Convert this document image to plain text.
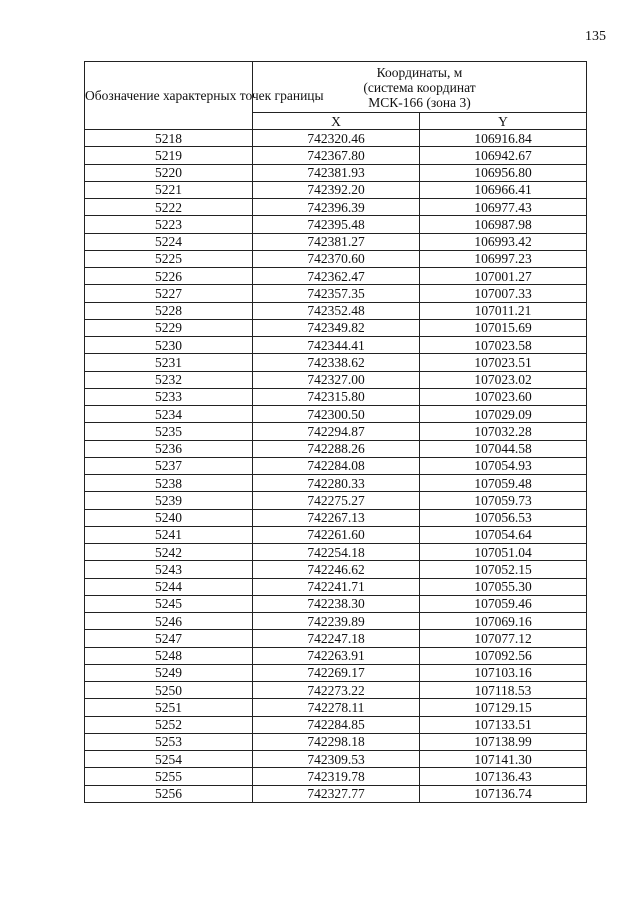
135
Обозначение характерных точек границы	Координаты, м
(система координат
МСК-166 (зона 3)	

	X	Y
5218	742320.46	106916.84
5219	742367.80	106942.67
5220	742381.93	106956.80
5221	742392.20	106966.41
5222	742396.39	106977.43
5223	742395.48	106987.98
5224	742381.27	106993.42
5225	742370.60	106997.23
5226	742362.47	107001.27
5227	742357.35	107007.33
5228	742352.48	107011.21
5229	742349.82	107015.69
5230	742344.41	107023.58
5231	742338.62	107023.51
5232	742327.00	107023.02
5233	742315.80	107023.60
5234	742300.50	107029.09
5235	742294.87	107032.28
5236	742288.26	107044.58
5237	742284.08	107054.93
5238	742280.33	107059.48
5239	742275.27	107059.73
5240	742267.13	107056.53
5241	742261.60	107054.64
5242	742254.18	107051.04
5243	742246.62	107052.15
5244	742241.71	107055.30
5245	742238.30	107059.46
5246	742239.89	107069.16
5247	742247.18	107077.12
5248	742263.91	107092.56
5249	742269.17	107103.16
5250	742273.22	107118.53
5251	742278.11	107129.15
5252	742284.85	107133.51
5253	742298.18	107138.99
5254	742309.53	107141.30
5255	742319.78	107136.43
5256	742327.77	107136.74
